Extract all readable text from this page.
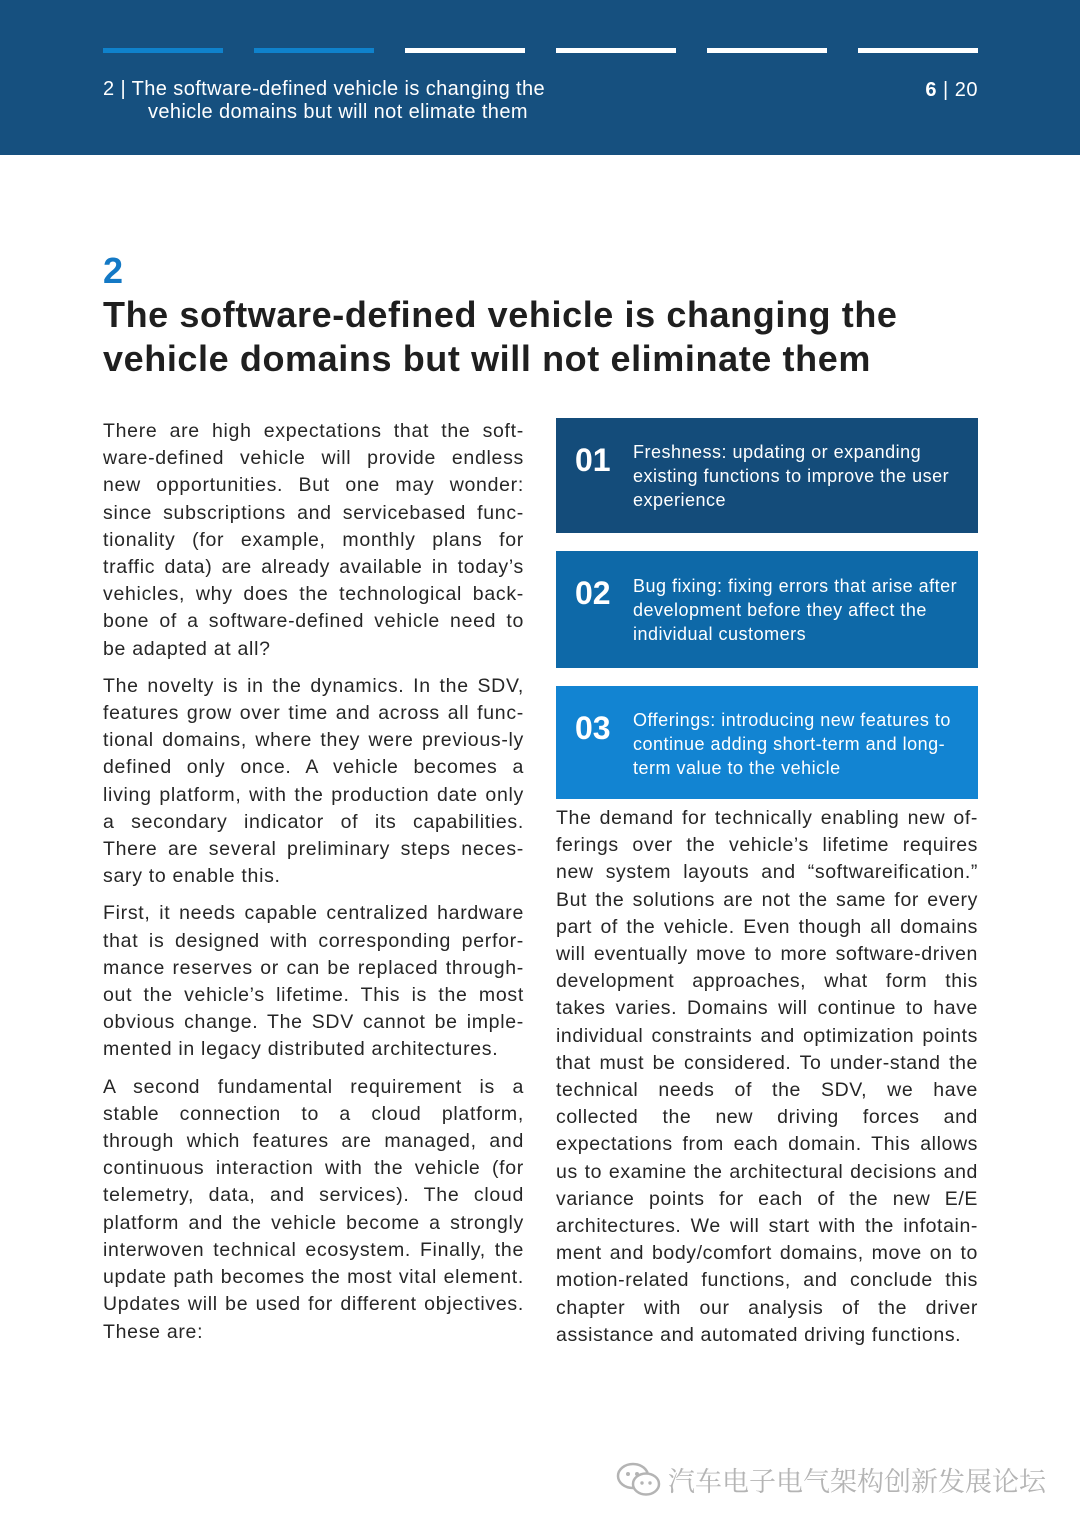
2 | The software-defined vehicle is changing the
vehicle domains but will not elimate them
6 | 20
2
The software-defined vehicle is changing the vehicle domains but will not eliminate them

There are high expectations that the soft-ware-defined vehicle will provide endless new opportunities. But one may wonder: since subscriptions and servicebased func-tionality (for example, monthly plans for traffic data) are already available in today’s vehicles, why does the technological back-bone of a software-defined vehicle need to be adapted at all?

The novelty is in the dynamics. In the SDV, features grow over time and across all func-tional domains, where they were previous-ly defined only once. A vehicle becomes a living platform, with the production date only a secondary indicator of its capabilities. There are several preliminary steps neces-sary to enable this.

First, it needs capable centralized hardware that is designed with corresponding perfor-mance reserves or can be replaced through-out the vehicle’s lifetime. This is the most obvious change. The SDV cannot be imple-mented in legacy distributed architectures.

A second fundamental requirement is a stable connection to a cloud platform, through which features are managed, and continuous interaction with the vehicle (for telemetry, data, and services). The cloud platform and the vehicle become a strongly interwoven technical ecosystem. Finally, the update path becomes the most vital element. Updates will be used for different objectives. These are:

01 Freshness: updating or expanding existing functions to improve the user experience
02 Bug fixing: fixing errors that arise after development before they affect the individual customers
03 Offerings: introducing new features to continue adding short-term and long-term value to the vehicle

The demand for technically enabling new of-ferings over the vehicle’s lifetime requires new system layouts and “softwareification.” But the solutions are not the same for every part of the vehicle. Even though all domains will eventually move to more software-driven development approaches, what form this takes varies. Domains will continue to have individual constraints and optimization points that must be considered. To under-stand the technical needs of the SDV, we have collected the new driving forces and expectations from each domain. This allows us to examine the architectural decisions and variance points for each of the new E/E architectures. We will start with the infotain-ment and body/comfort domains, move on to motion-related functions, and conclude this chapter with our analysis of the driver assistance and automated driving functions.

汽车电子电气架构创新发展论坛
